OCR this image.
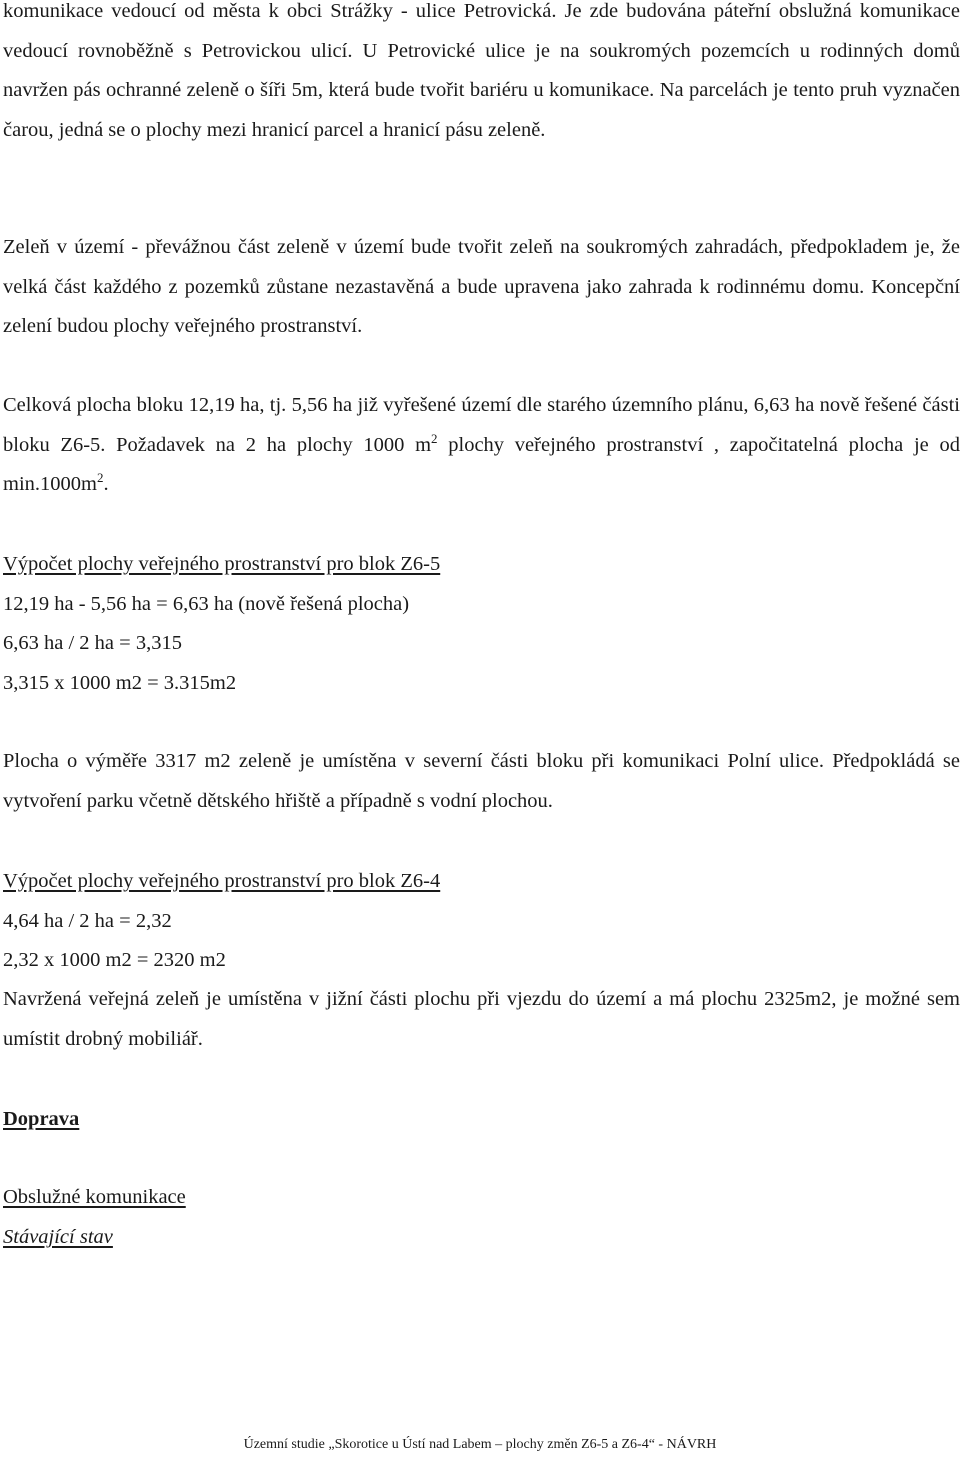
komunikace vedoucí od města k obci Strážky - ulice Petrovická. Je zde budována páteřní obslužná komunikace vedoucí rovnoběžně s Petrovickou ulicí. U Petrovické ulice je na soukromých pozemcích u rodinných domů navržen pás ochranné zeleně o šíři 5m, která bude tvořit bariéru u komunikace. Na parcelách je tento pruh vyznačen čarou, jedná se o plochy mezi hranicí parcel a hranicí pásu zeleně.

Zeleň v území - převážnou část zeleně v území bude tvořit zeleň na soukromých zahradách, předpokladem je, že velká část každého z pozemků zůstane nezastavěná a bude upravena jako zahrada k rodinnému domu. Koncepční zelení budou plochy veřejného prostranství.

Celková plocha bloku 12,19 ha, tj. 5,56 ha již vyřešené území dle starého územního plánu, 6,63 ha nově řešené části bloku Z6-5. Požadavek na 2 ha plochy 1000 $m^2$ plochy veřejného prostranství , započitatelná plocha je od $\min.1000m^2$.

Výpočet plochy veřejného prostranství pro blok Z6-5
12,19 ha - 5,56 ha = 6,63 ha (nově řešená plocha)
6,63 ha / 2 ha = 3,315
3,315 x 1000 m2 = 3.315m2

Plocha o výměře 3317 m2 zeleně je umístěna v severní části bloku při komunikaci Polní ulice. Předpokládá se vytvoření parku včetně dětského hřiště a případně s vodní plochou.

Výpočet plochy veřejného prostranství pro blok Z6-4
4,64 ha / 2 ha = 2,32
2,32 x 1000 m2 = 2320 m2

Navržená veřejná zeleň je umístěna v jižní části plochu při vjezdu do území a má plochu 2325m2, je možné sem umístit drobný mobiliář.

Doprava
Obslužné komunikace
Stávající stav
Územní studie „Skorotice u Ústí nad Labem – plochy změn Z6-5 a Z6-4“ - NÁVRH
